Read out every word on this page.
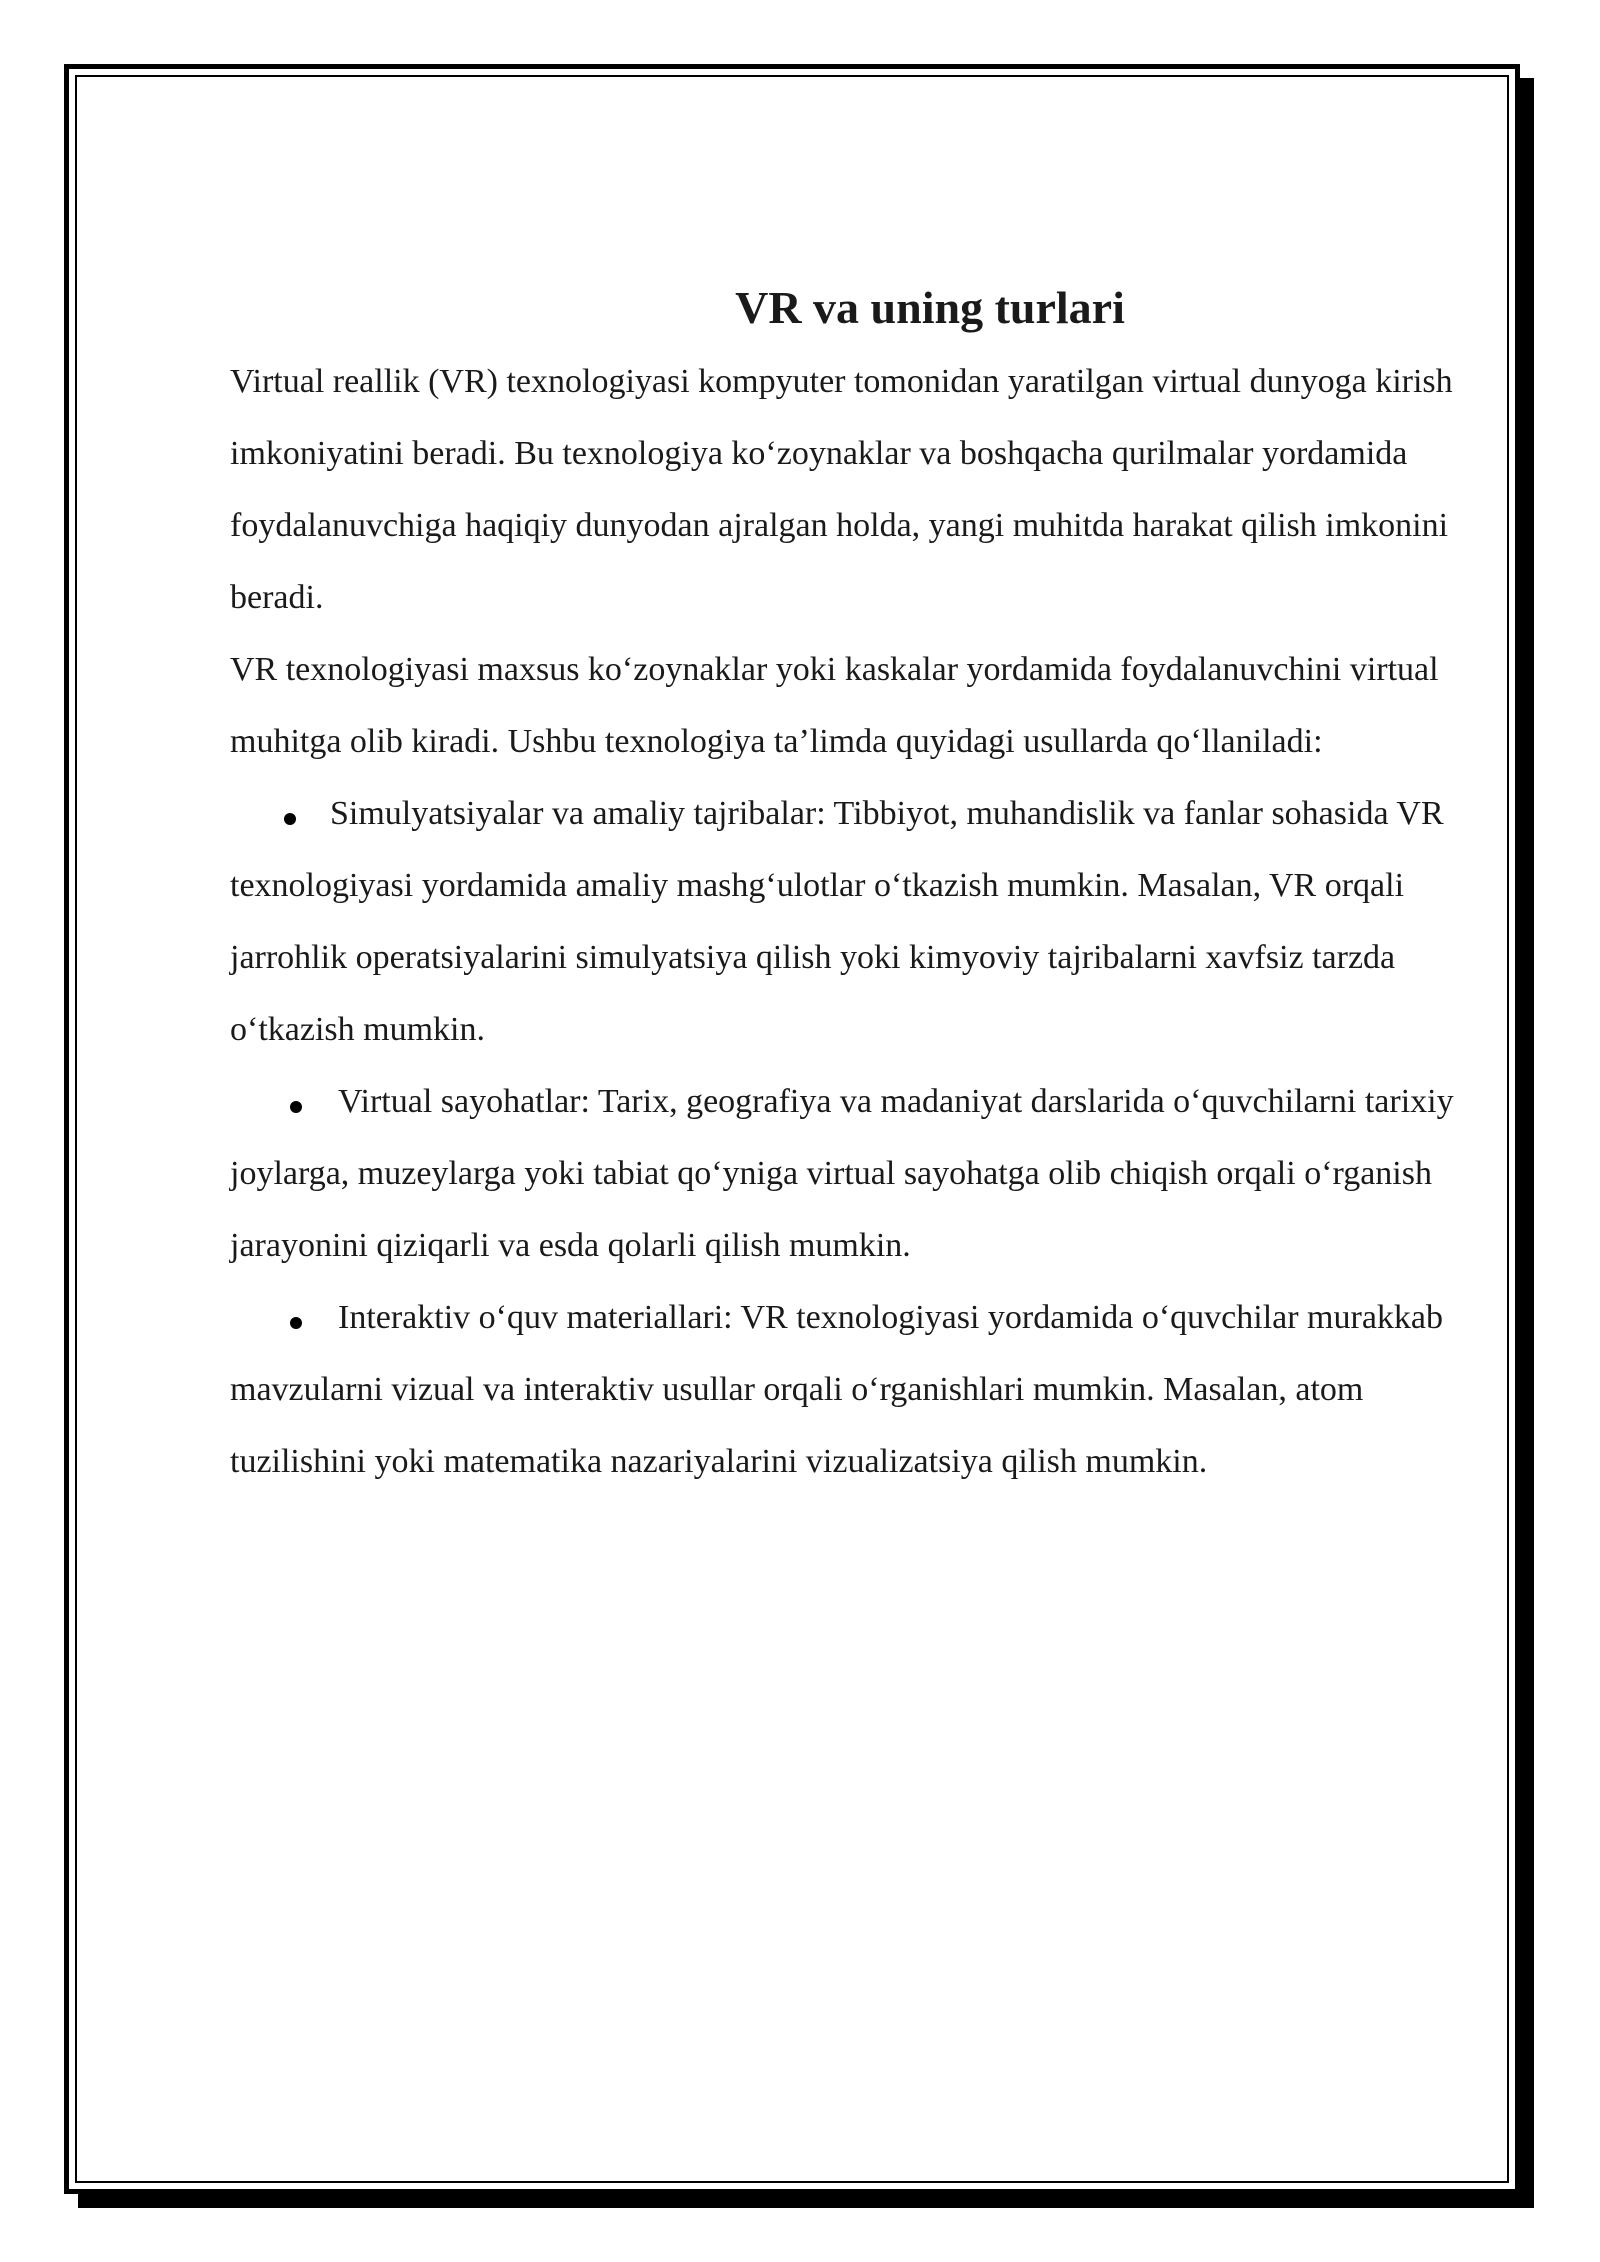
VR va uning turlari

Virtual reallik (VR) texnologiyasi kompyuter tomonidan yaratilgan virtual dunyoga kirish imkoniyatini beradi. Bu texnologiya ko‘zoynaklar va boshqacha qurilmalar yordamida foydalanuvchiga haqiqiy dunyodan ajralgan holda, yangi muhitda harakat qilish imkonini beradi.

VR texnologiyasi maxsus ko‘zoynaklar yoki kaskalar yordamida foydalanuvchini virtual muhitga olib kiradi. Ushbu texnologiya ta’limda quyidagi usullarda qo‘llaniladi:

Simulyatsiyalar va amaliy tajribalar: Tibbiyot, muhandislik va fanlar sohasida VR texnologiyasi yordamida amaliy mashg‘ulotlar o‘tkazish mumkin. Masalan, VR orqali jarrohlik operatsiyalarini simulyatsiya qilish yoki kimyoviy tajribalarni xavfsiz tarzda o‘tkazish mumkin.

Virtual sayohatlar: Tarix, geografiya va madaniyat darslarida o‘quvchilarni tarixiy joylarga, muzeylarga yoki tabiat qo‘yniga virtual sayohatga olib chiqish orqali o‘rganish jarayonini qiziqarli va esda qolarli qilish mumkin.

Interaktiv o‘quv materiallari: VR texnologiyasi yordamida o‘quvchilar murakkab mavzularni vizual va interaktiv usullar orqali o‘rganishlari mumkin. Masalan, atom tuzilishini yoki matematika nazariyalarini vizualizatsiya qilish mumkin.
